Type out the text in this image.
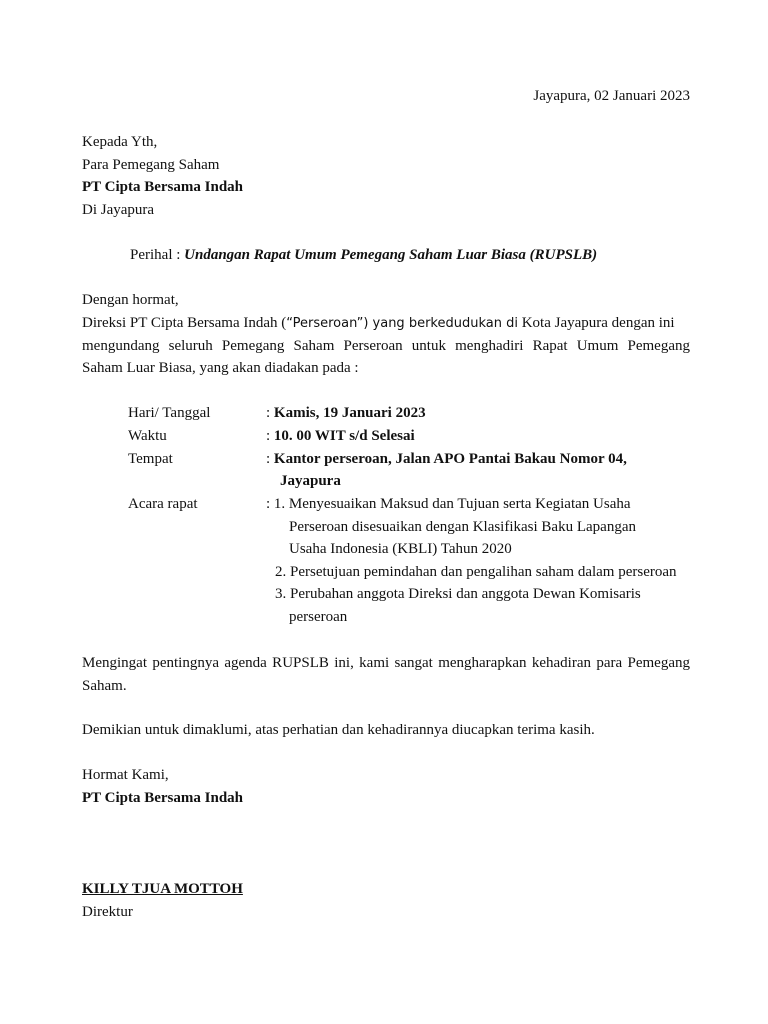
Jayapura, 02 Januari 2023
Kepada Yth,
Para Pemegang Saham
PT Cipta Bersama Indah
Di Jayapura
Perihal : Undangan Rapat Umum Pemegang Saham Luar Biasa (RUPSLB)
Dengan hormat,
Direksi PT Cipta Bersama Indah (“Perseroan”) yang berkedudukan di Kota Jayapura dengan ini
mengundang seluruh Pemegang Saham Perseroan untuk menghadiri Rapat Umum Pemegang
Saham Luar Biasa, yang akan diadakan pada :
Hari/ Tanggal	: Kamis, 19 Januari 2023
Waktu	: 10. 00 WIT s/d Selesai
Tempat	: Kantor perseroan, Jalan APO Pantai Bakau Nomor 04,
Jayapura
Acara rapat	: 1. Menyesuaikan Maksud dan Tujuan serta Kegiatan Usaha
Perseroan disesuaikan dengan Klasifikasi Baku Lapangan
Usaha Indonesia (KBLI) Tahun 2020
2. Persetujuan pemindahan dan pengalihan saham dalam perseroan
3. Perubahan anggota Direksi dan anggota Dewan Komisaris
perseroan
Mengingat pentingnya agenda RUPSLB ini, kami sangat mengharapkan kehadiran para Pemegang
Saham.
Demikian untuk dimaklumi, atas perhatian dan kehadirannya diucapkan terima kasih.
Hormat Kami,
PT Cipta Bersama Indah
KILLY TJUA MOTTOH
Direktur
